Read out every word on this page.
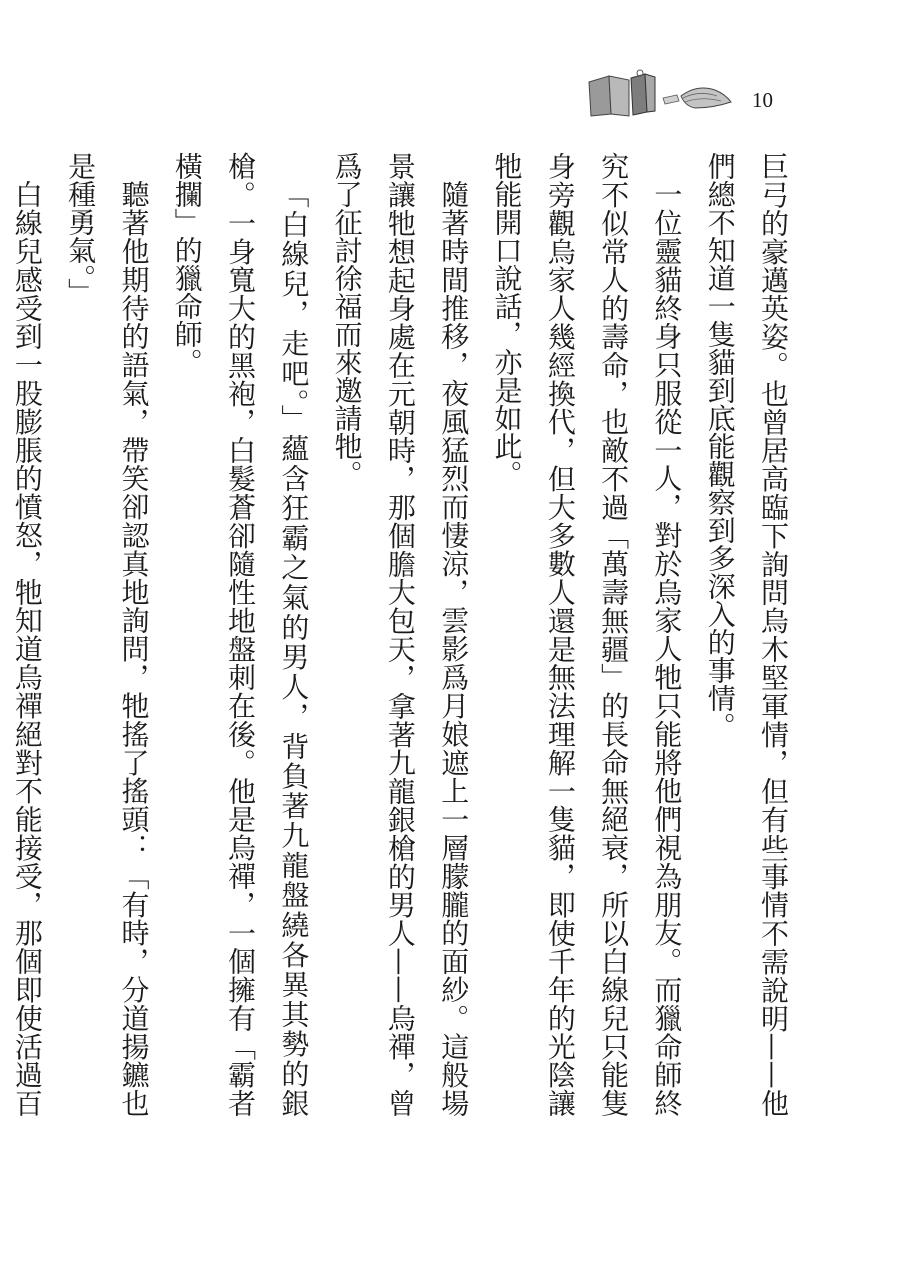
10

巨弓的豪邁英姿。也曾居高臨下詢問烏木堅軍情，但有些事情不需說明——他們總不知道一隻貓到底能觀察到多深入的事情。

一位靈貓終身只服從一人，對於烏家人牠只能將他們視為朋友。而獵命師終究不似常人的壽命，也敵不過「萬壽無疆」的長命無絕衰，所以白線兒只能隻身旁觀烏家人幾經換代，但大多數人還是無法理解一隻貓，即使千年的光陰讓牠能開口說話，亦是如此。

隨著時間推移，夜風猛烈而悽涼，雲影爲月娘遮上一層朦朧的面紗。這般場景讓牠想起身處在元朝時，那個膽大包天，拿著九龍銀槍的男人——烏禪，曾爲了征討徐福而來邀請牠。

「白線兒，走吧。」蘊含狂霸之氣的男人，背負著九龍盤繞各異其勢的銀槍。一身寬大的黑袍，白髮蒼卻隨性地盤刺在後。他是烏禪，一個擁有「霸者橫攔」的獵命師。

聽著他期待的語氣，帶笑卻認真地詢問，牠搖了搖頭：「有時，分道揚鑣也是種勇氣。」

白線兒感受到一股膨脹的憤怒，牠知道烏禪絕對不能接受，那個即使活過百
